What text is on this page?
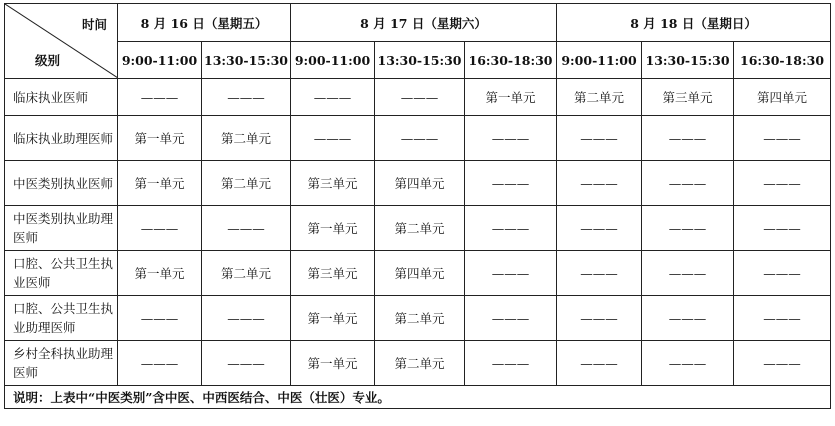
时间
级别	8 月 16 日（星期五）		8 月 17 日（星期六）			8 月 18 日（星期日）		
	9:00-11:00	13:30-15:30	9:00-11:00	13:30-15:30	16:30-18:30	9:00-11:00	13:30-15:30	16:30-18:30
临床执业医师	———	———	———	———	第一单元	第二单元	第三单元	第四单元
临床执业助理医师	第一单元	第二单元	———	———	———	———	———	———
中医类别执业医师	第一单元	第二单元	第三单元	第四单元	———	———	———	———
中医类别执业助理医师	———	———	第一单元	第二单元	———	———	———	———
口腔、公共卫生执业医师	第一单元	第二单元	第三单元	第四单元	———	———	———	———
口腔、公共卫生执业助理医师	———	———	第一单元	第二单元	———	———	———	———
乡村全科执业助理医师	———	———	第一单元	第二单元	———	———	———	———
说明：上表中“中医类别”含中医、中西医结合、中医（壮医）专业。								
